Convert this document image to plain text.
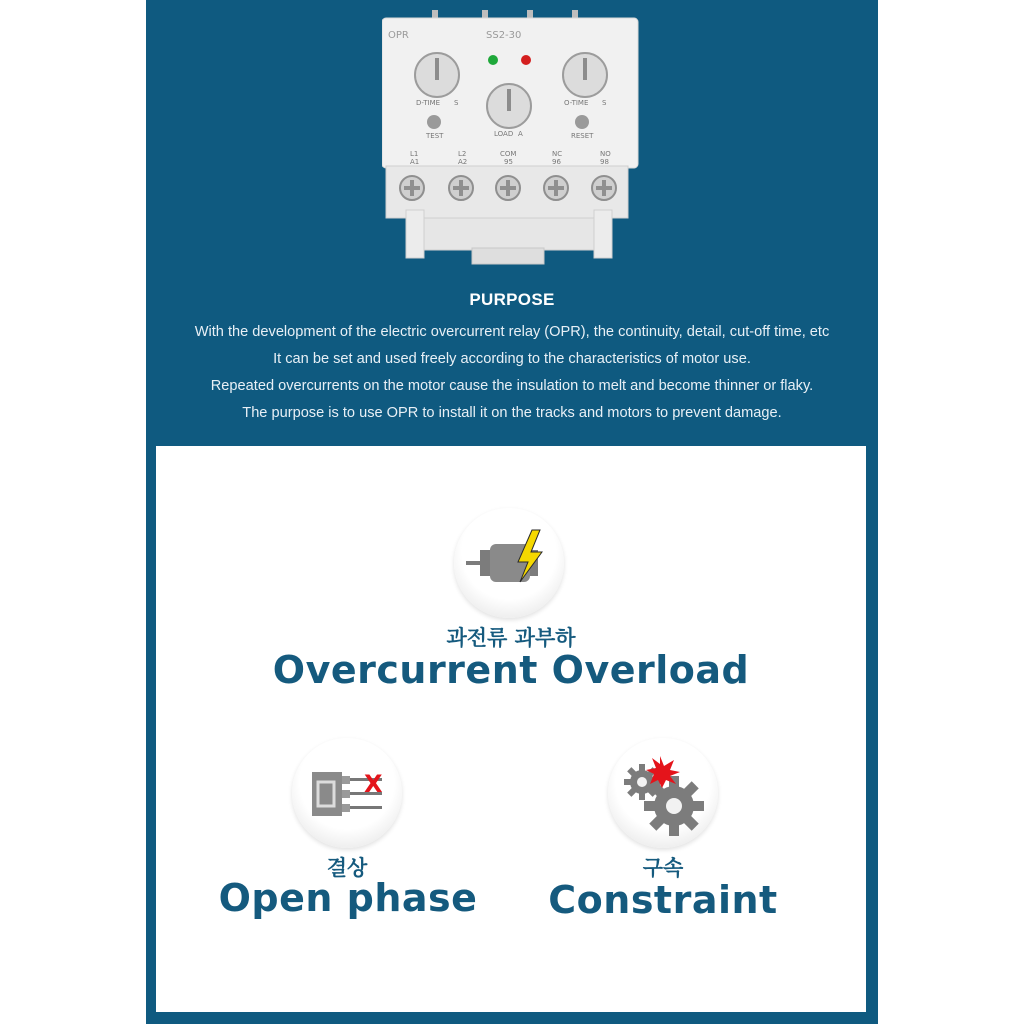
OPR	SS2-30
D-TIME S
LOAD A
O-TIME S
TEST	RESET
L1	L2	COM	NC	NO
A1	A2	95	96	98
PURPOSE
With the development of the electric overcurrent relay (OPR), the continuity, detail, cut-off time, etc
It can be set and used freely according to the characteristics of motor use.
Repeated overcurrents on the motor cause the insulation to melt and become thinner or flaky.
The purpose is to use OPR to install it on the tracks and motors to prevent damage.
과전류 과부하
Overcurrent Overload
X
결상
Open phase
구속
Constraint
